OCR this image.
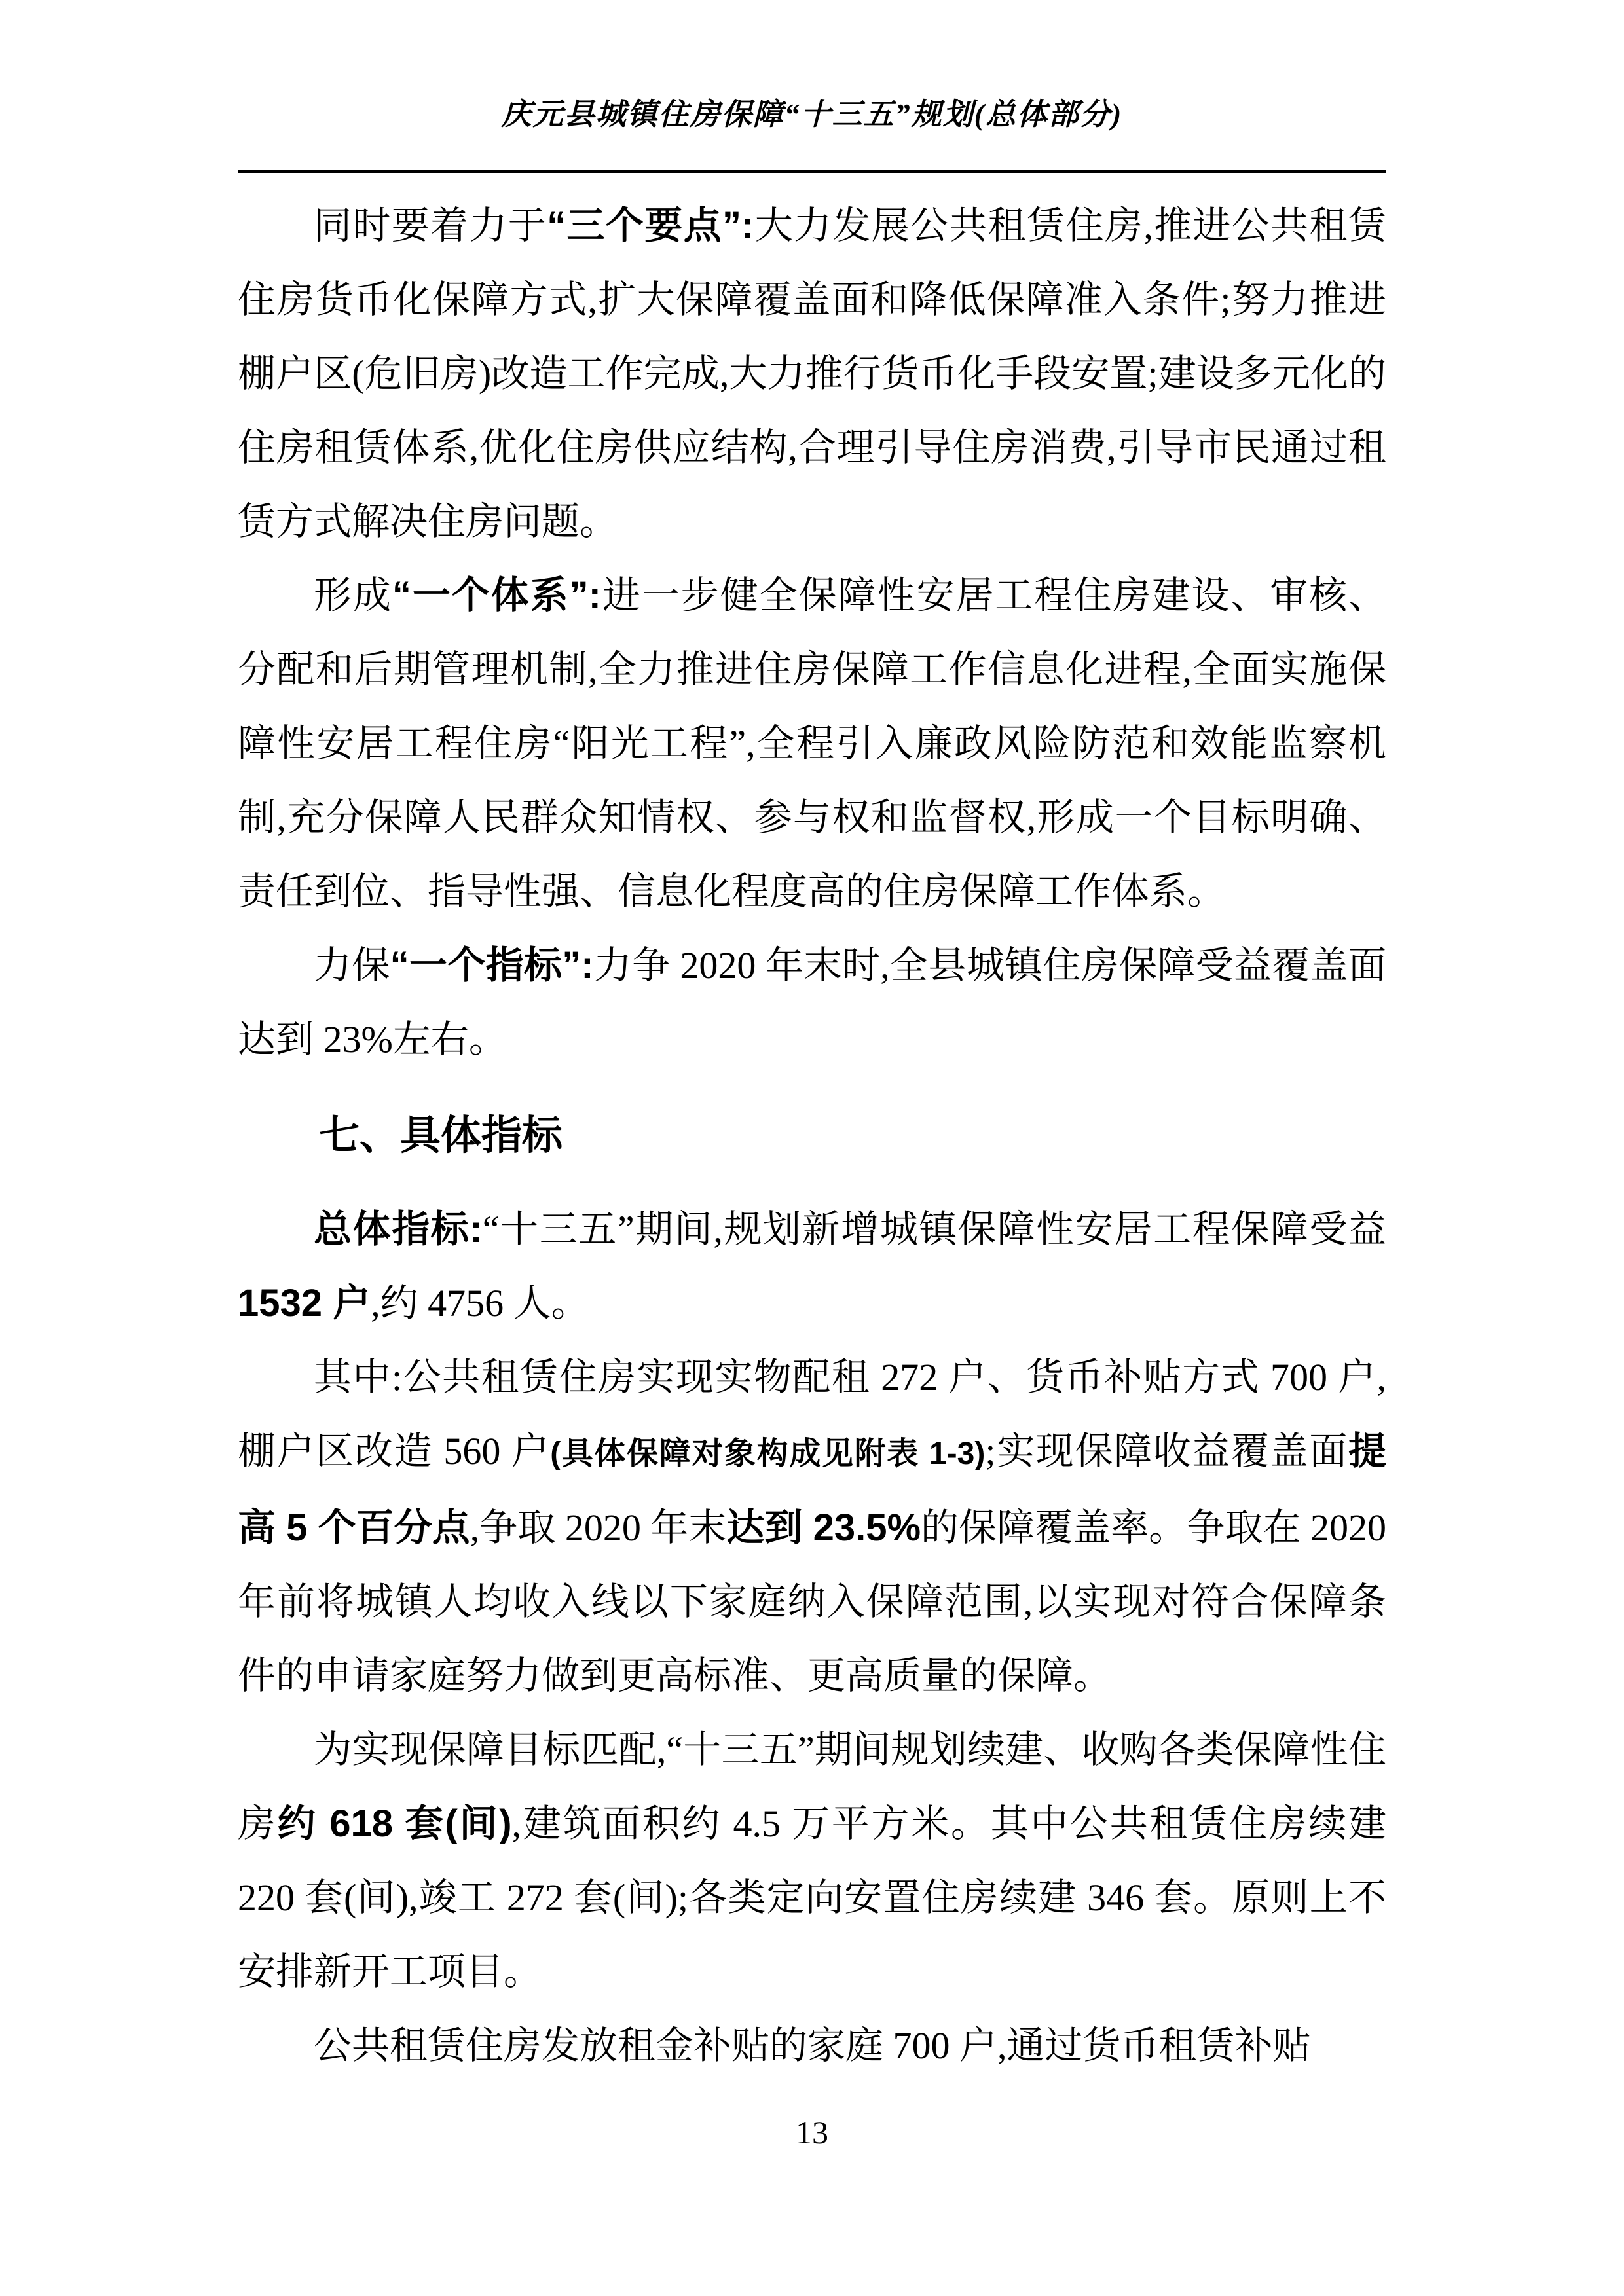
庆元县城镇住房保障“十三五”规划(总体部分)

同时要着力于“三个要点”:大力发展公共租赁住房,推进公共租赁住房货币化保障方式,扩大保障覆盖面和降低保障准入条件;努力推进棚户区(危旧房)改造工作完成,大力推行货币化手段安置;建设多元化的住房租赁体系,优化住房供应结构,合理引导住房消费,引导市民通过租赁方式解决住房问题。

形成“一个体系”:进一步健全保障性安居工程住房建设、审核、分配和后期管理机制,全力推进住房保障工作信息化进程,全面实施保障性安居工程住房“阳光工程”,全程引入廉政风险防范和效能监察机制,充分保障人民群众知情权、参与权和监督权,形成一个目标明确、责任到位、指导性强、信息化程度高的住房保障工作体系。

力保“一个指标”:力争 2020 年末时,全县城镇住房保障受益覆盖面达到 23%左右。

七、具体指标

总体指标:“十三五”期间,规划新增城镇保障性安居工程保障受益 1532 户,约 4756 人。

其中:公共租赁住房实现实物配租 272 户、货币补贴方式 700 户,棚户区改造 560 户(具体保障对象构成见附表 1-3);实现保障收益覆盖面提高 5 个百分点,争取 2020 年末达到 23.5%的保障覆盖率。争取在 2020 年前将城镇人均收入线以下家庭纳入保障范围,以实现对符合保障条件的申请家庭努力做到更高标准、更高质量的保障。

为实现保障目标匹配,“十三五”期间规划续建、收购各类保障性住房约 618 套(间),建筑面积约 4.5 万平方米。其中公共租赁住房续建 220 套(间),竣工 272 套(间);各类定向安置住房续建 346 套。原则上不安排新开工项目。

公共租赁住房发放租金补贴的家庭 700 户,通过货币租赁补贴

13
